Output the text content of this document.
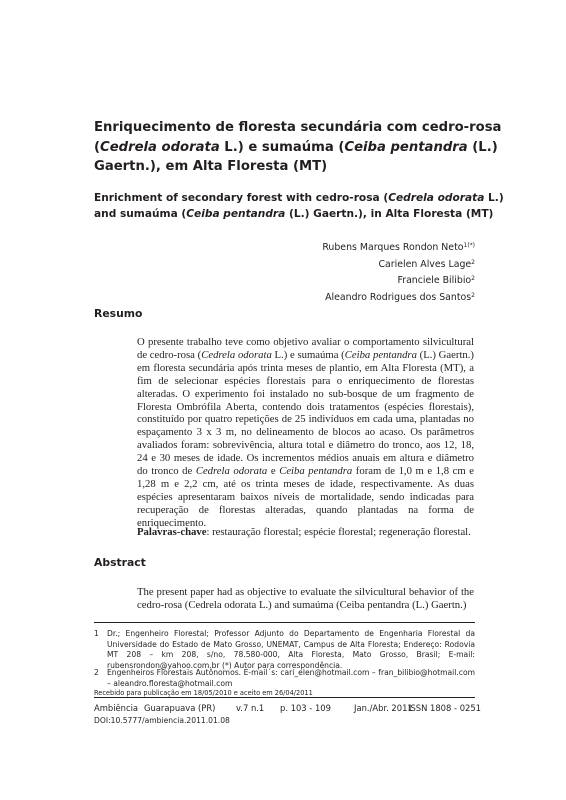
Enriquecimento de floresta secundária com cedro-rosa (Cedrela odorata L.) e sumaúma (Ceiba pentandra (L.) Gaertn.), em Alta Floresta (MT)
Enrichment of secondary forest with cedro-rosa (Cedrela odorata L.) and sumaúma (Ceiba pentandra (L.) Gaertn.), in Alta Floresta (MT)
Rubens Marques Rondon Neto$^{1(*)}$
Carielen Alves Lage$^2$
Franciele Bilibio$^2$
Aleandro Rodrigues dos Santos$^2$
Resumo
O presente trabalho teve como objetivo avaliar o comportamento silvicultural de cedro-rosa (Cedrela odorata L.) e sumaúma (Ceiba pentandra (L.) Gaertn.) em floresta secundária após trinta meses de plantio, em Alta Floresta (MT), a fim de selecionar espécies florestais para o enriquecimento de florestas alteradas. O experimento foi instalado no sub-bosque de um fragmento de Floresta Ombrófila Aberta, contendo dois tratamentos (espécies florestais), constituído por quatro repetições de 25 indivíduos em cada uma, plantadas no espaçamento 3 x 3 m, no delineamento de blocos ao acaso. Os parâmetros avaliados foram: sobrevivência, altura total e diâmetro do tronco, aos 12, 18, 24 e 30 meses de idade. Os incrementos médios anuais em altura e diâmetro do tronco de Cedrela odorata e Ceiba pentandra foram de 1,0 m e 1,8 cm e 1,28 m e 2,2 cm, até os trinta meses de idade, respectivamente. As duas espécies apresentaram baixos níveis de mortalidade, sendo indicadas para recuperação de florestas alteradas, quando plantadas na forma de enriquecimento.
Palavras-chave: restauração florestal; espécie florestal; regeneração florestal.
Abstract
The present paper had as objective to evaluate the silvicultural behavior of the cedro-rosa (Cedrela odorata L.) and sumaúma (Ceiba pentandra (L.) Gaertn.)
1 Dr.; Engenheiro Florestal; Professor Adjunto do Departamento de Engenharia Florestal da Universidade do Estado de Mato Grosso, UNEMAT, Campus de Alta Floresta; Endereço: Rodovia MT 208 – km 208, s/no, 78.580-000, Alta Floresta, Mato Grosso, Brasil; E-mail: rubensrondon@yahoo.com.br (*) Autor para correspondência.
2 Engenheiros Florestais Autônomos. E-mail´s: cari_elen@hotmail.com – fran_bilibio@hotmail.com – aleandro.floresta@hotmail.com
Recebido para publicação em 18/05/2010 e aceito em 26/04/2011
Ambiência Guarapuava (PR) v.7 n.1 p. 103 - 109	Jan./Abr. 2011
ISSN 1808 - 0251
DOI:10.5777/ambiencia.2011.01.08
